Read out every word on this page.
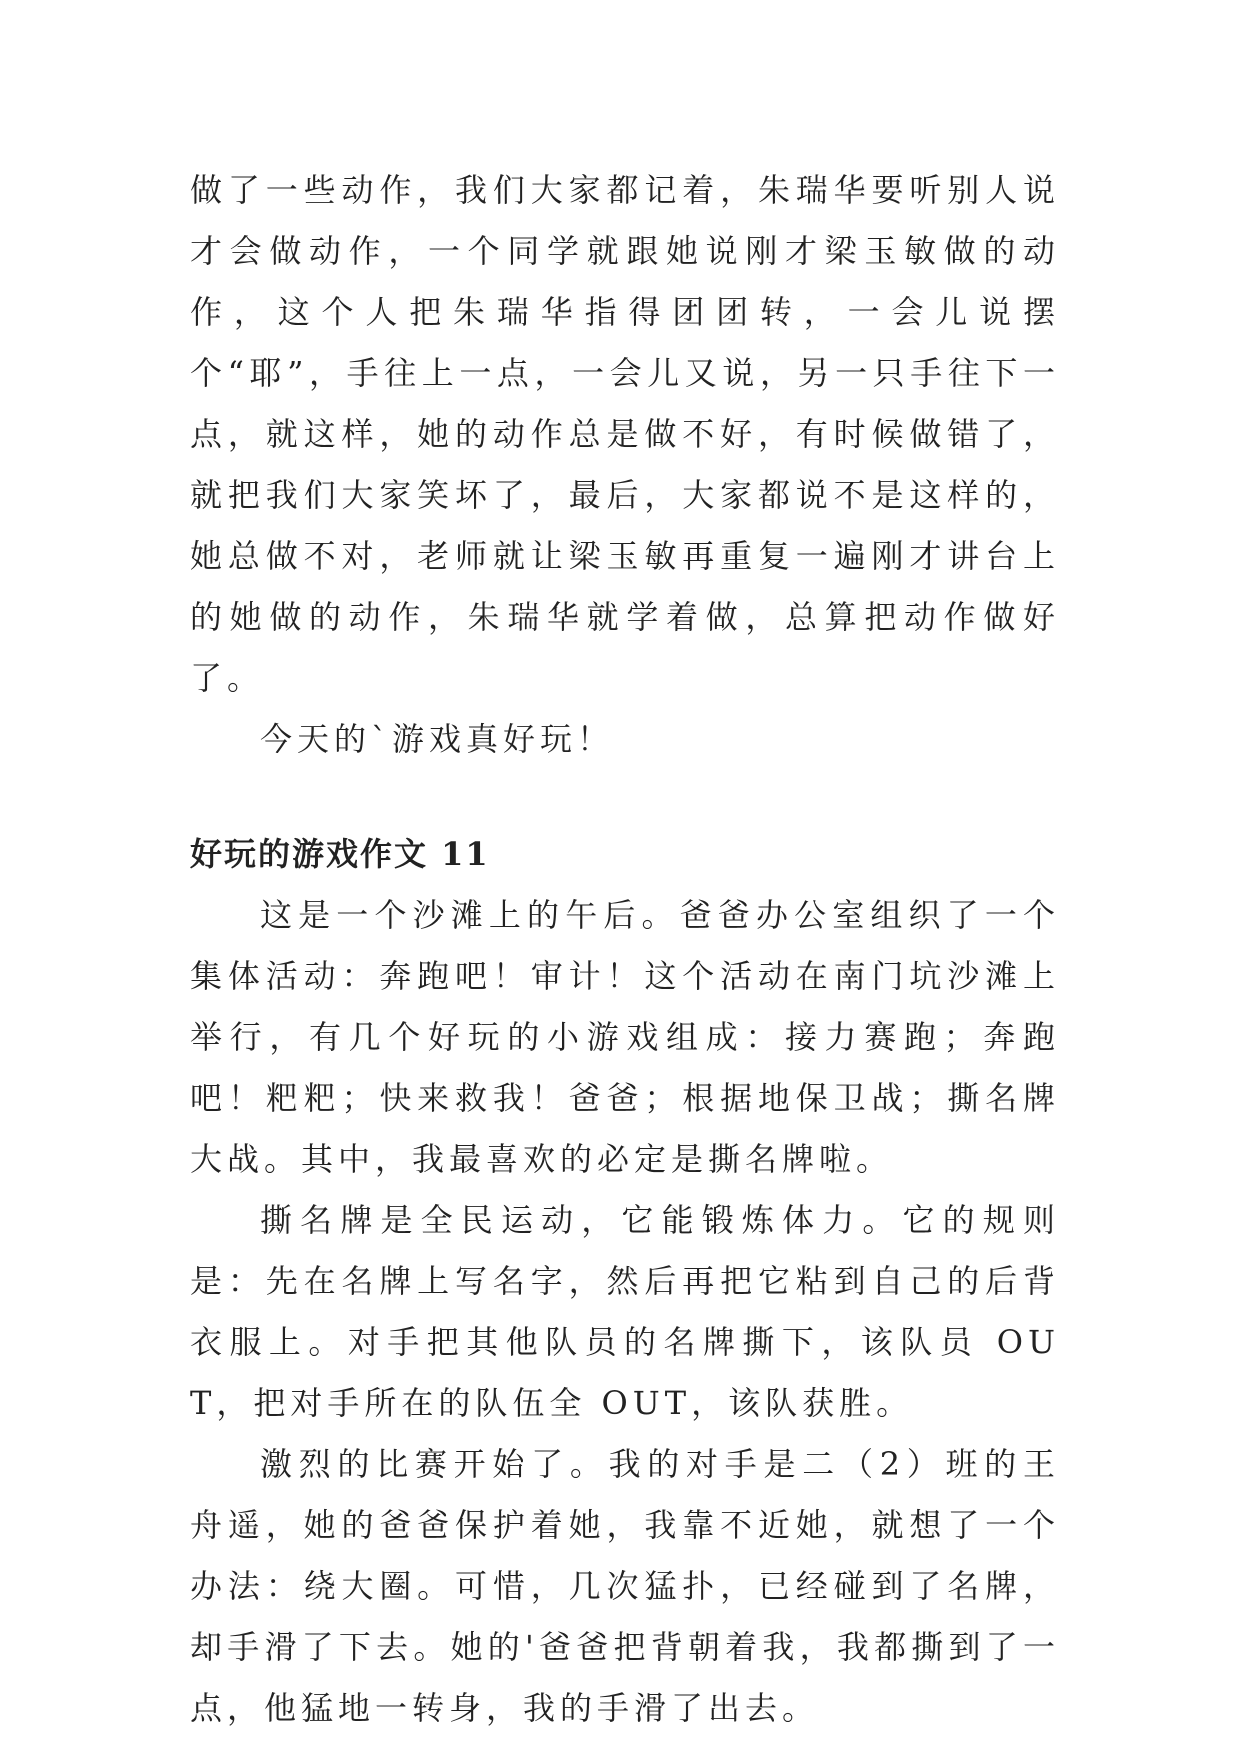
做了一些动作，我们大家都记着，朱瑞华要听别人说才会做动作，一个同学就跟她说刚才梁玉敏做的动作，这个人把朱瑞华指得团团转，一会儿说摆个“耶”，手往上一点，一会儿又说，另一只手往下一点，就这样，她的动作总是做不好，有时候做错了，就把我们大家笑坏了，最后，大家都说不是这样的，她总做不对，老师就让梁玉敏再重复一遍刚才讲台上的她做的动作，朱瑞华就学着做，总算把动作做好了。

今天的`游戏真好玩！

好玩的游戏作文 11

这是一个沙滩上的午后。爸爸办公室组织了一个集体活动：奔跑吧！审计！这个活动在南门坑沙滩上举行，有几个好玩的小游戏组成：接力赛跑；奔跑吧！粑粑；快来救我！爸爸；根据地保卫战；撕名牌大战。其中，我最喜欢的必定是撕名牌啦。

撕名牌是全民运动，它能锻炼体力。它的规则是：先在名牌上写名字，然后再把它粘到自己的后背衣服上。对手把其他队员的名牌撕下，该队员 OUT，把对手所在的队伍全 OUT，该队获胜。

激烈的比赛开始了。我的对手是二（2）班的王舟遥，她的爸爸保护着她，我靠不近她，就想了一个办法：绕大圈。可惜，几次猛扑，已经碰到了名牌，却手滑了下去。她的'爸爸把背朝着我，我都撕到了一点，他猛地一转身，我的手滑了出去。
